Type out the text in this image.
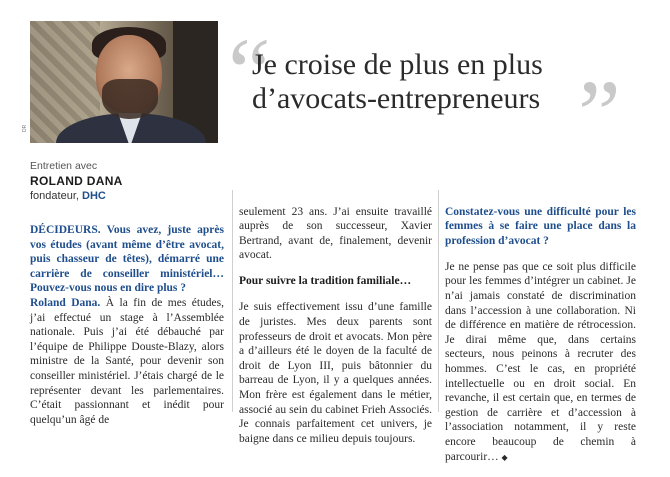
DR
“	”
Je croise de plus en plus
d’avocats-entrepreneurs
Entretien avec
ROLAND DANA
fondateur, DHC

DÉCIDEURS. Vous avez, juste après vos études (avant même d’être avocat, puis chasseur de têtes), démarré une carrière de conseiller ministériel… Pouvez-vous nous en dire plus ?

Roland Dana. À la fin de mes études, j’ai effectué un stage à l’Assemblée nationale. Puis j’ai été débauché par l’équipe de Philippe Douste-Blazy, alors ministre de la Santé, pour devenir son conseiller ministériel. J’étais chargé de le représenter devant les parlementaires. C’était passionnant et inédit pour quelqu’un âgé de

seulement 23 ans. J’ai ensuite travaillé auprès de son successeur, Xavier Bertrand, avant de, finalement, devenir avocat.

Pour suivre la tradition familiale…

Je suis effectivement issu d’une famille de juristes. Mes deux parents sont professeurs de droit et avocats. Mon père a d’ailleurs été le doyen de la faculté de droit de Lyon III, puis bâtonnier du barreau de Lyon, il y a quelques années. Mon frère est également dans le métier, associé au sein du cabinet Frieh Associés. Je connais parfaitement cet univers, je baigne dans ce milieu depuis toujours.

Constatez-vous une difficulté pour les femmes à se faire une place dans la profession d’avocat ?

Je ne pense pas que ce soit plus difficile pour les femmes d’intégrer un cabinet. Je n’ai jamais constaté de discrimination dans l’accession à une collaboration. Ni de différence en matière de rétrocession. Je dirai même que, dans certains secteurs, nous peinons à recruter des hommes. C’est le cas, en propriété intellectuelle ou en droit social. En revanche, il est certain que, en termes de gestion de carrière et d’accession à l’association notamment, il y reste encore beaucoup de chemin à parcourir… ◆
